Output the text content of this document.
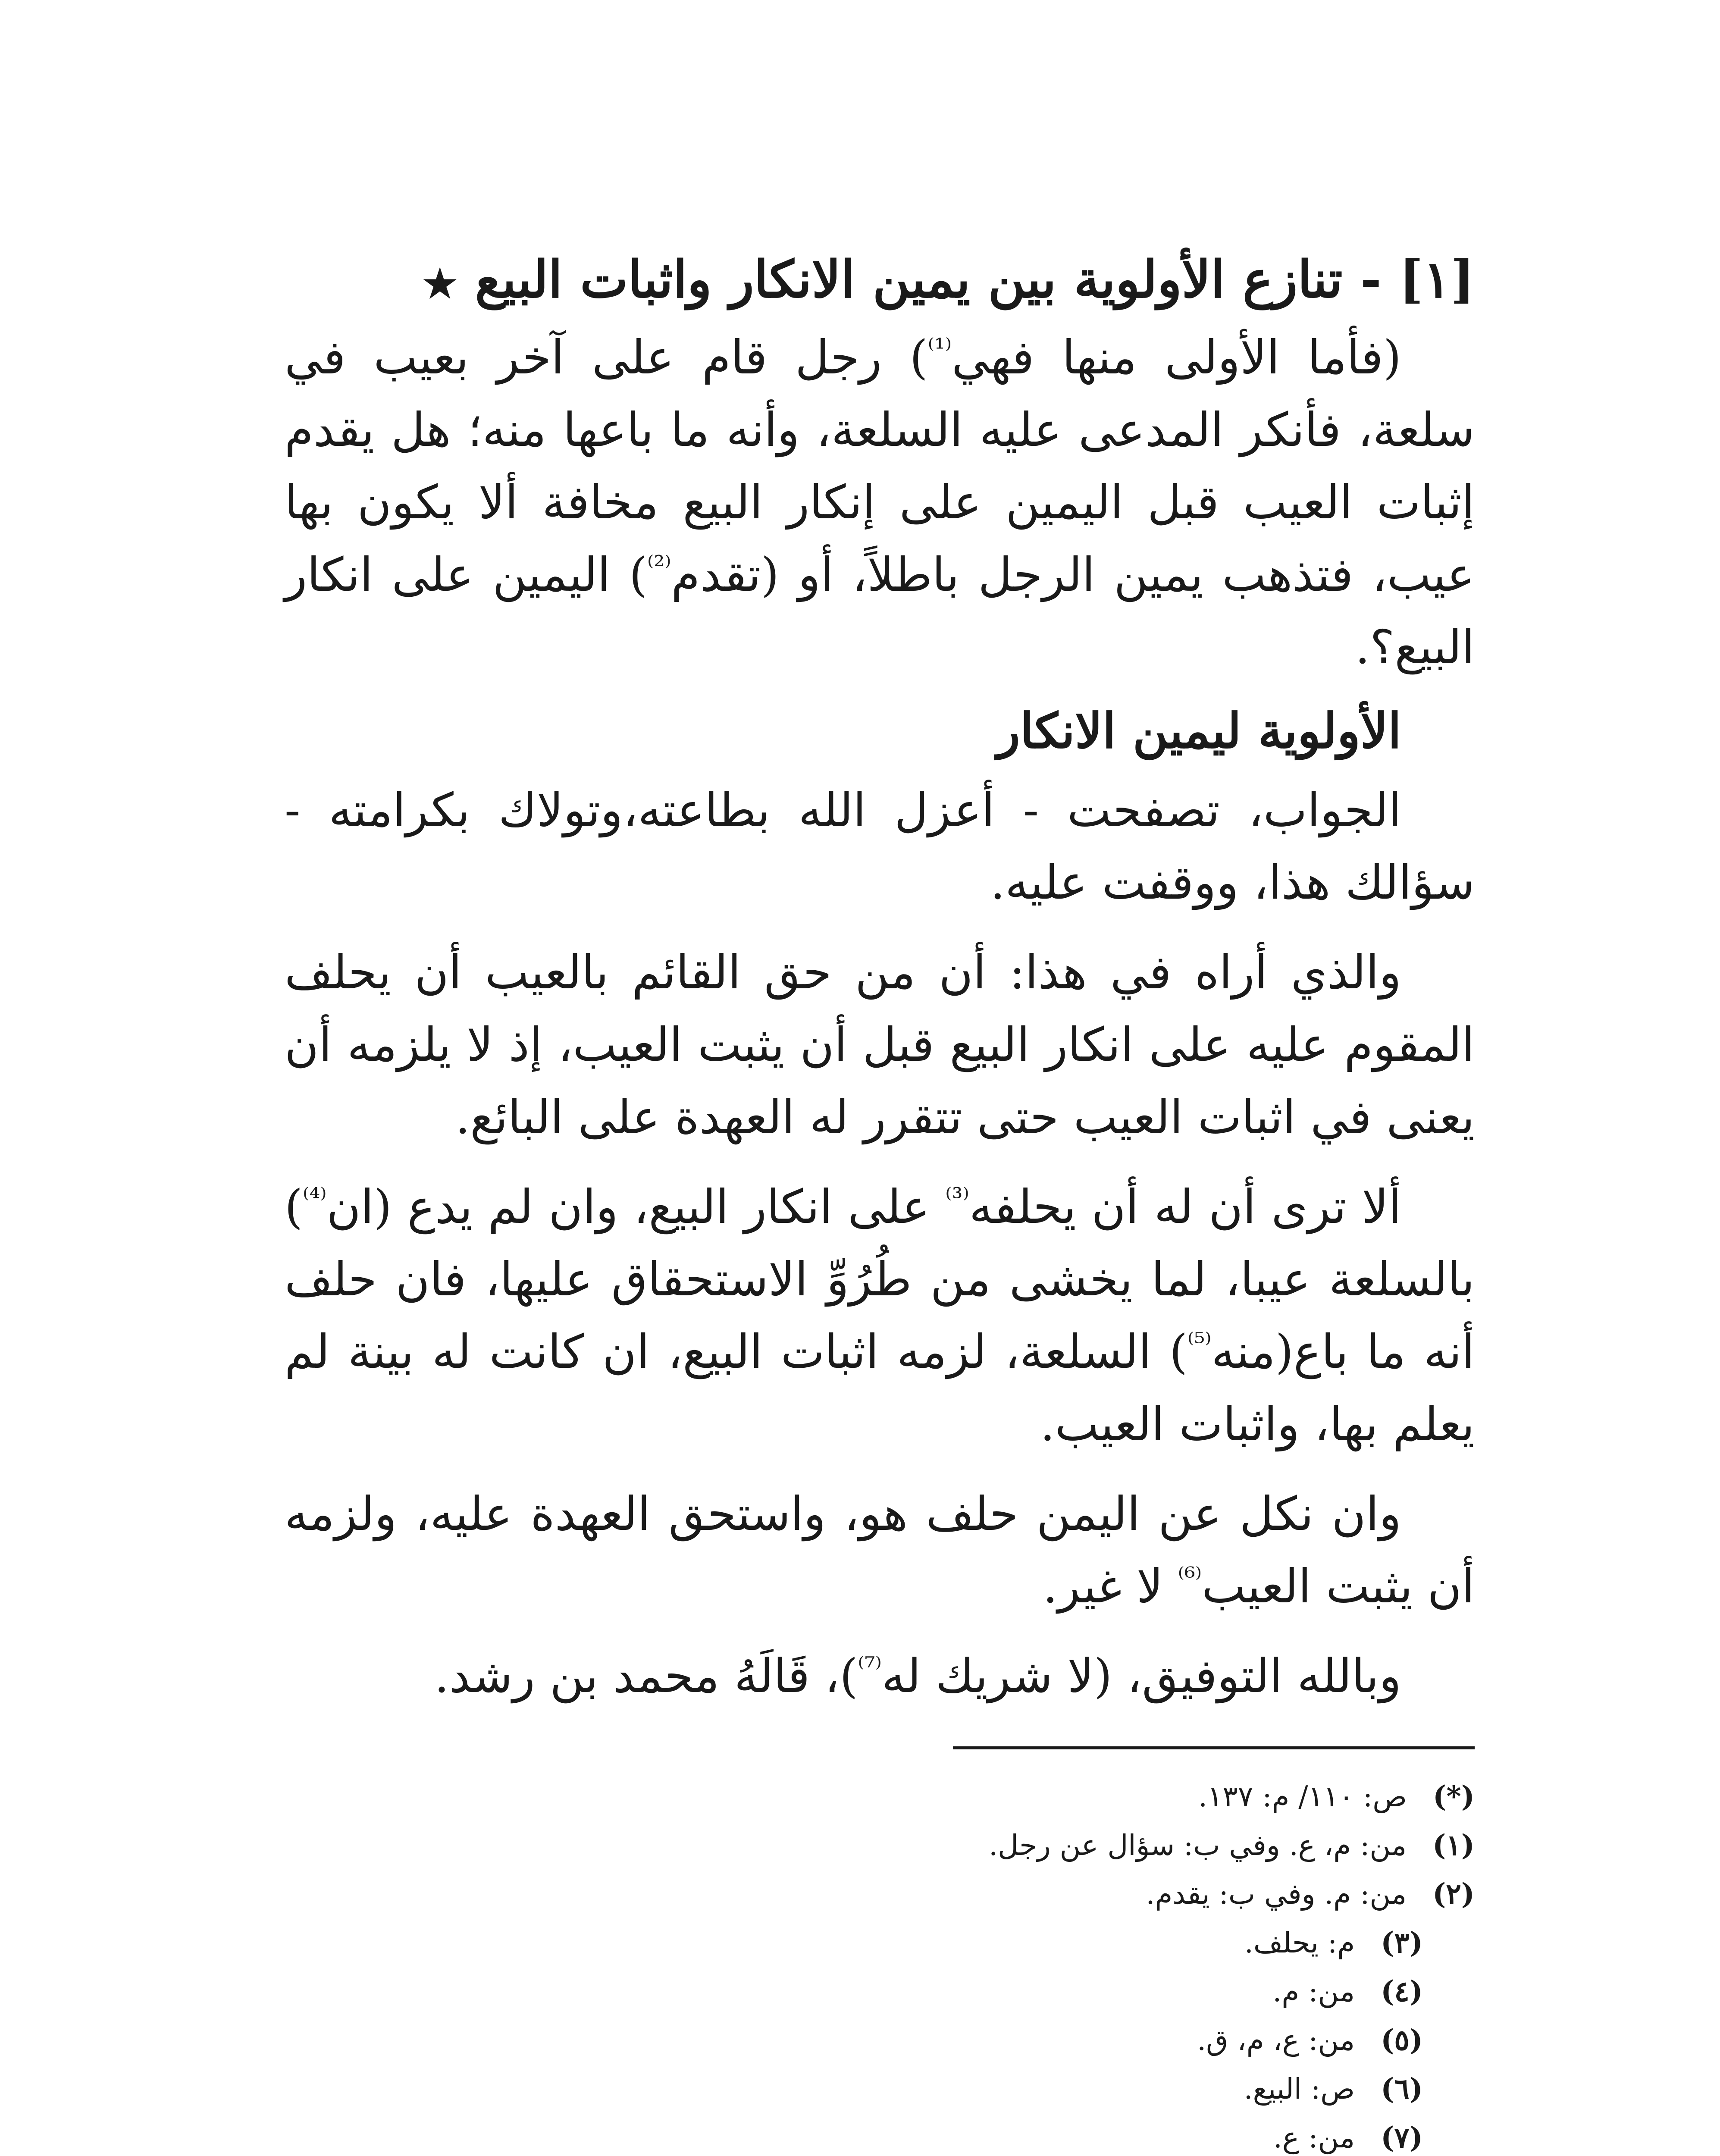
[١] - تنازع الأولوية بين يمين الانكار واثبات البيع ★

(فأما الأولى منها فهي$^{^{(1)}}$) رجل قام على آخر بعيب في سلعة، فأنكر المدعى عليه السلعة، وأنه ما باعها منه؛ هل يقدم إثبات العيب قبل اليمين على إنكار البيع مخافة ألا يكون بها عيب، فتذهب يمين الرجل باطلاً، أو (تقدم$^{^{(2)}}$) اليمين على انكار البيع؟.

الأولوية ليمين الانكار

الجواب، تصفحت - أعزل الله بطاعته،وتولاك بكرامته - سؤالك هذا، ووقفت عليه.

والذي أراه في هذا: أن من حق القائم بالعيب أن يحلف المقوم عليه على انكار البيع قبل أن يثبت العيب، إذ لا يلزمه أن يعنى في اثبات العيب حتى تتقرر له العهدة على البائع.

ألا ترى أن له أن يحلفه$^{^{(3)}}$ على انكار البيع، وان لم يدع (ان$^{^{(4)}}$) بالسلعة عيبا، لما يخشى من طُرُوِّ الاستحقاق عليها، فان حلف أنه ما باع(منه$^{^{(5)}}$) السلعة، لزمه اثبات البيع، ان كانت له بينة لم يعلم بها، واثبات العيب.

وان نكل عن اليمن حلف هو، واستحق العهدة عليه، ولزمه أن يثبت العيب$^{^{(6)}}$ لا غير.

وبالله التوفيق، (لا شريك له$^{^{(7)}}$)، قَالَهُ محمد بن رشد.

(*)ص: ١١٠/ م: ١٣٧.
(١)من: م، ع. وفي ب: سؤال عن رجل.
(٢)من: م. وفي ب: يقدم.
(٣)م: يحلف.
(٤)من: م.
(٥)من: ع، م، ق.
(٦)ص: البيع.
(٧)من: ع.
